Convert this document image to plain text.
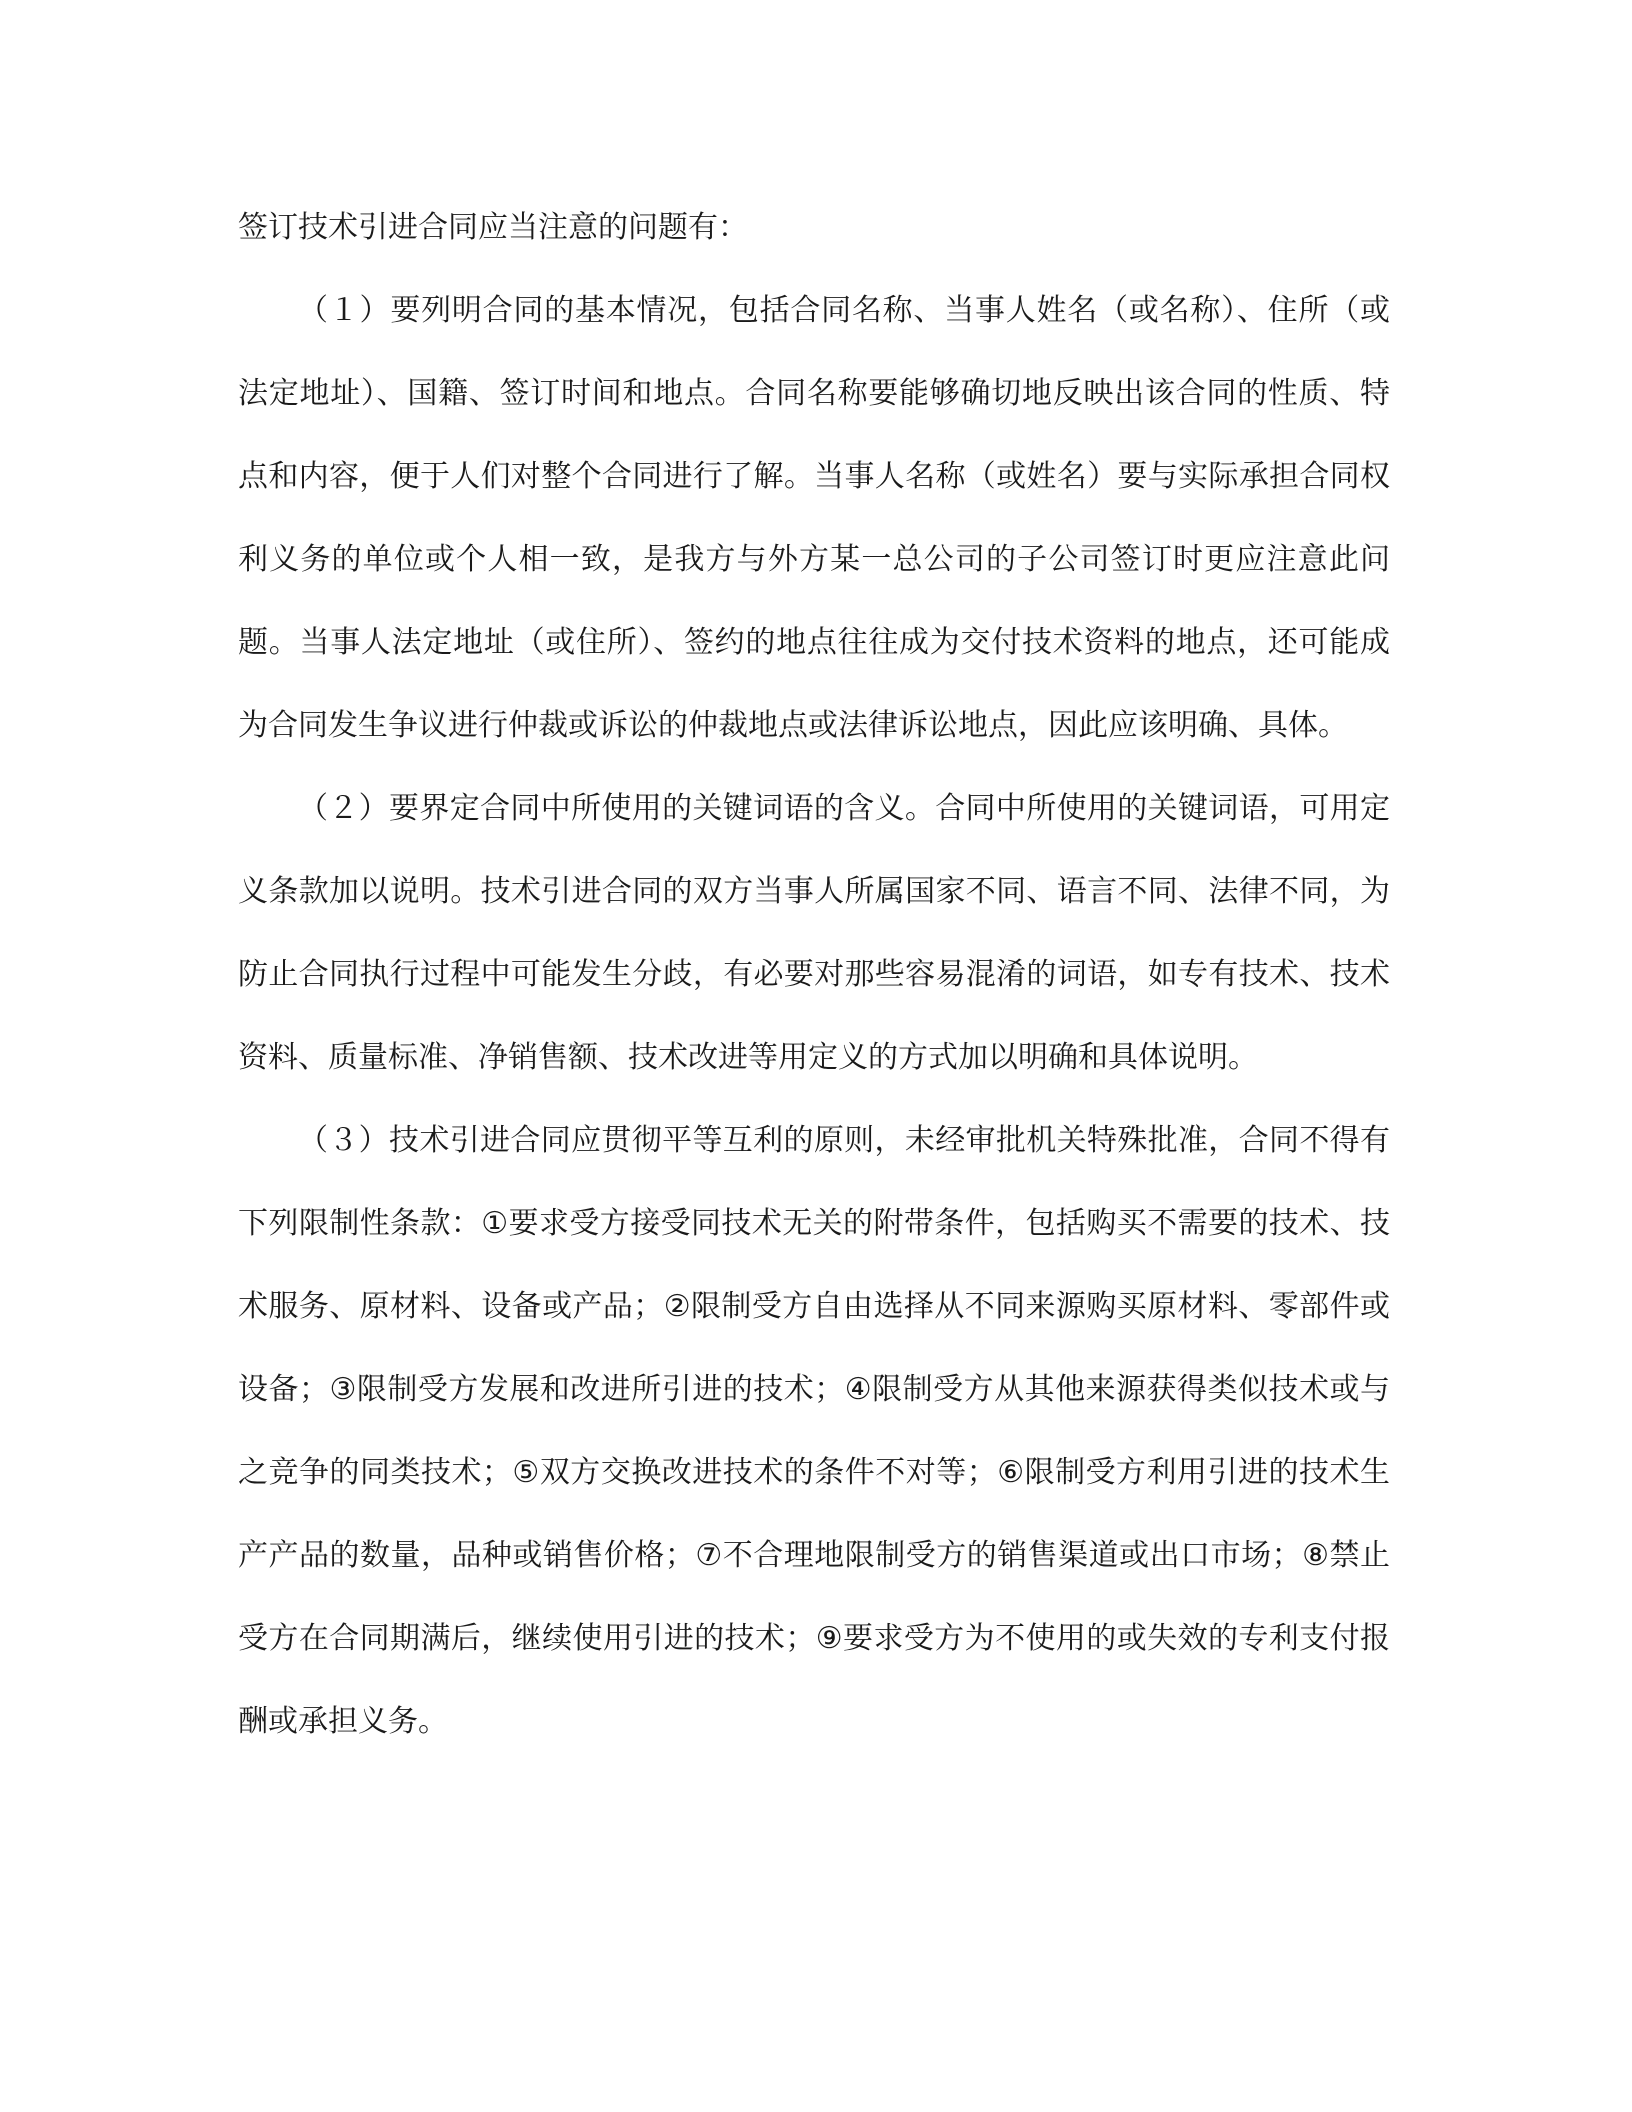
签订技术引进合同应当注意的问题有：

（１）要列明合同的基本情况，包括合同名称、当事人姓名（或名称）、住所（或法定地址）、国籍、签订时间和地点。合同名称要能够确切地反映出该合同的性质、特点和内容，便于人们对整个合同进行了解。当事人名称（或姓名）要与实际承担合同权利义务的单位或个人相一致，是我方与外方某一总公司的子公司签订时更应注意此问题。当事人法定地址（或住所）、签约的地点往往成为交付技术资料的地点，还可能成为合同发生争议进行仲裁或诉讼的仲裁地点或法律诉讼地点，因此应该明确、具体。

（２）要界定合同中所使用的关键词语的含义。合同中所使用的关键词语，可用定义条款加以说明。技术引进合同的双方当事人所属国家不同、语言不同、法律不同，为防止合同执行过程中可能发生分歧，有必要对那些容易混淆的词语，如专有技术、技术资料、质量标准、净销售额、技术改进等用定义的方式加以明确和具体说明。

（３）技术引进合同应贯彻平等互利的原则，未经审批机关特殊批准，合同不得有下列限制性条款：①要求受方接受同技术无关的附带条件，包括购买不需要的技术、技术服务、原材料、设备或产品；②限制受方自由选择从不同来源购买原材料、零部件或设备；③限制受方发展和改进所引进的技术；④限制受方从其他来源获得类似技术或与之竞争的同类技术；⑤双方交换改进技术的条件不对等；⑥限制受方利用引进的技术生产产品的数量，品种或销售价格；⑦不合理地限制受方的销售渠道或出口市场；⑧禁止受方在合同期满后，继续使用引进的技术；⑨要求受方为不使用的或失效的专利支付报酬或承担义务。
